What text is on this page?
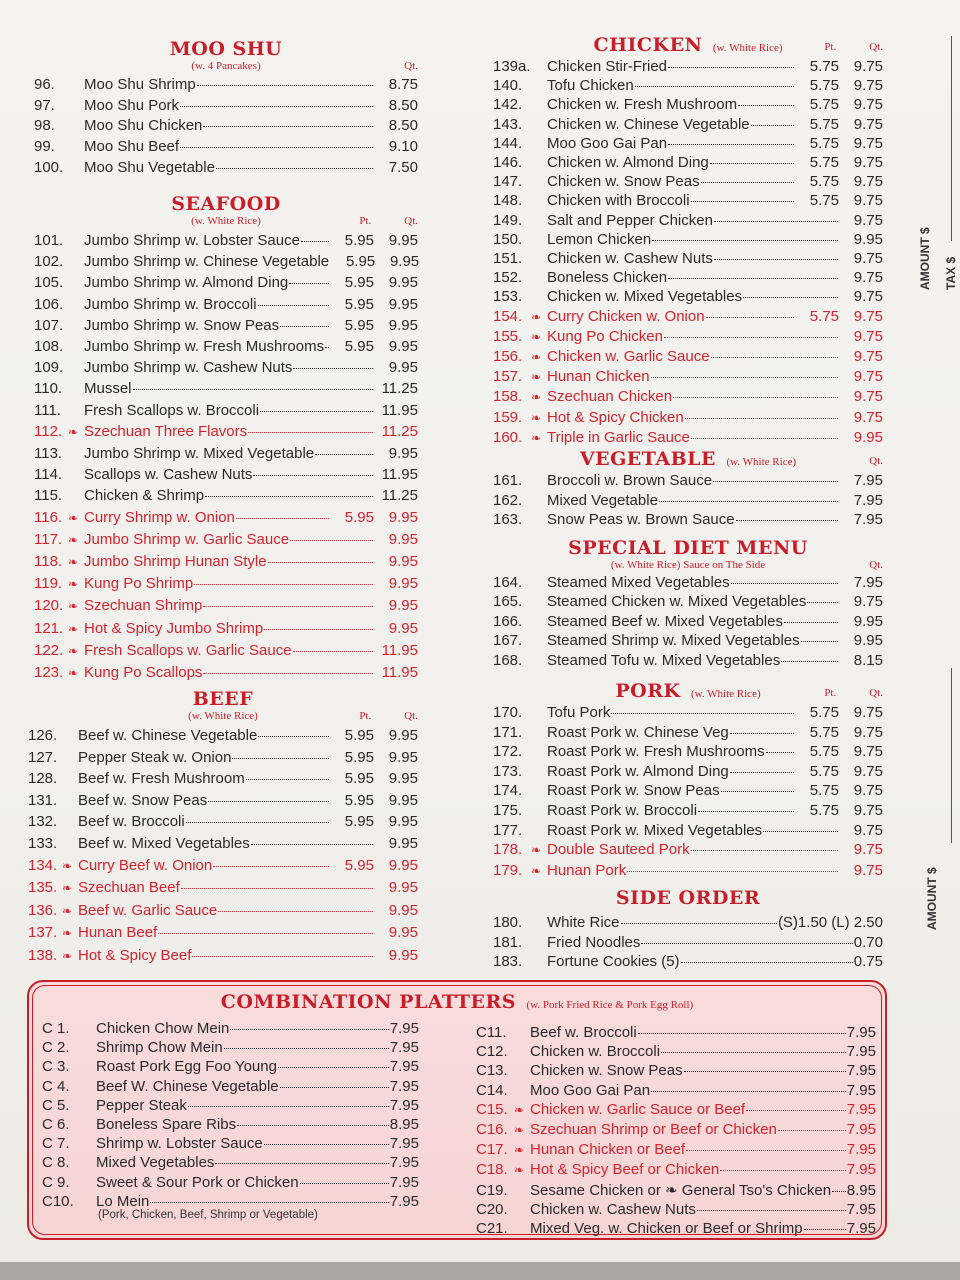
MOO SHU
(w. 4 Pancakes)	Qt.
96.	Moo Shu Shrimp	8.75
97.	Moo Shu Pork	8.50
98.	Moo Shu Chicken	8.50
99.	Moo Shu Beef	9.10
100.	Moo Shu Vegetable	7.50
SEAFOOD
(w. White Rice)	Pt.	Qt.
101.	Jumbo Shrimp w. Lobster Sauce	5.95 9.95
102.	Jumbo Shrimp w. Chinese Vegetable	5.95 9.95
105.	Jumbo Shrimp w. Almond Ding	5.95 9.95
106.	Jumbo Shrimp w. Broccoli	5.95 9.95
107.	Jumbo Shrimp w. Snow Peas	5.95 9.95
108.	Jumbo Shrimp w. Fresh Mushrooms	5.95 9.95
109.	Jumbo Shrimp w. Cashew Nuts	9.95
110.	Mussel	11.25
111.	Fresh Scallops w. Broccoli	11.95
112. ❧ Szechuan Three Flavors	11.25
113.	Jumbo Shrimp w. Mixed Vegetable	9.95
114.	Scallops w. Cashew Nuts	11.95
115.	Chicken & Shrimp	11.25
116. ❧ Curry Shrimp w. Onion	5.95 9.95
117. ❧ Jumbo Shrimp w. Garlic Sauce	9.95
118. ❧ Jumbo Shrimp Hunan Style	9.95
119. ❧ Kung Po Shrimp	9.95
120. ❧ Szechuan Shrimp	9.95
121. ❧ Hot & Spicy Jumbo Shrimp	9.95
122. ❧ Fresh Scallops w. Garlic Sauce	11.95
123. ❧ Kung Po Scallops	11.95
BEEF
(w. White Rice)	Pt.	Qt.
126.	Beef w. Chinese Vegetable	5.95 9.95
127.	Pepper Steak w. Onion	5.95 9.95
128.	Beef w. Fresh Mushroom	5.95 9.95
131.	Beef w. Snow Peas	5.95 9.95
132.	Beef w. Broccoli	5.95 9.95
133.	Beef w. Mixed Vegetables	9.95
134. ❧ Curry Beef w. Onion	5.95 9.95
135. ❧ Szechuan Beef	9.95
136. ❧ Beef w. Garlic Sauce	9.95
137. ❧ Hunan Beef	9.95
138. ❧ Hot & Spicy Beef	9.95
CHICKEN (w. White Rice)	Pt.	Qt.
139a.	Chicken Stir-Fried	5.75 9.75
140.	Tofu Chicken	5.75 9.75
142.	Chicken w. Fresh Mushroom	5.75 9.75
143.	Chicken w. Chinese Vegetable	5.75 9.75
144.	Moo Goo Gai Pan	5.75 9.75
146.	Chicken w. Almond Ding	5.75 9.75
147.	Chicken w. Snow Peas	5.75 9.75
148.	Chicken with Broccoli	5.75 9.75
149.	Salt and Pepper Chicken	9.75
150.	Lemon Chicken	9.95
151.	Chicken w. Cashew Nuts	9.75
152.	Boneless Chicken	9.75
153.	Chicken w. Mixed Vegetables	9.75
154. ❧ Curry Chicken w. Onion	5.75 9.75
155. ❧ Kung Po Chicken	9.75
156. ❧ Chicken w. Garlic Sauce	9.75
157. ❧ Hunan Chicken	9.75
158. ❧ Szechuan Chicken	9.75
159. ❧ Hot & Spicy Chicken	9.75
160. ❧ Triple in Garlic Sauce	9.95
VEGETABLE (w. White Rice)	Qt.
161.	Broccoli w. Brown Sauce	7.95
162.	Mixed Vegetable	7.95
163.	Snow Peas w. Brown Sauce	7.95
SPECIAL DIET MENU
(w. White Rice) Sauce on The Side	Qt.
164.	Steamed Mixed Vegetables	7.95
165.	Steamed Chicken w. Mixed Vegetables	9.75
166.	Steamed Beef w. Mixed Vegetables	9.95
167.	Steamed Shrimp w. Mixed Vegetables	9.95
168.	Steamed Tofu w. Mixed Vegetables	8.15
PORK (w. White Rice)	Pt.	Qt.
170.	Tofu Pork	5.75 9.75
171.	Roast Pork w. Chinese Veg	5.75 9.75
172.	Roast Pork w. Fresh Mushrooms	5.75 9.75
173.	Roast Pork w. Almond Ding	5.75 9.75
174.	Roast Pork w. Snow Peas	5.75 9.75
175.	Roast Pork w. Broccoli	5.75 9.75
177.	Roast Pork w. Mixed Vegetables	9.75
178. ❧ Double Sauteed Pork	9.75
179. ❧ Hunan Pork	9.75
SIDE ORDER
180.	White Rice	(S)1.50 (L) 2.50
181.	Fried Noodles	0.70
183.	Fortune Cookies (5)	0.75
COMBINATION PLATTERS (w. Pork Fried Rice & Pork Egg Roll)
C 1.	Chicken Chow Mein	7.95
C 2.	Shrimp Chow Mein	7.95
C 3.	Roast Pork Egg Foo Young	7.95
C 4.	Beef W. Chinese Vegetable	7.95
C 5.	Pepper Steak	7.95
C 6.	Boneless Spare Ribs	8.95
C 7.	Shrimp w. Lobster Sauce	7.95
C 8.	Mixed Vegetables	7.95
C 9.	Sweet & Sour Pork or Chicken	7.95
C10.	Lo Mein	7.95
(Pork, Chicken, Beef, Shrimp or Vegetable)
C11.	Beef w. Broccoli	7.95
C12.	Chicken w. Broccoli	7.95
C13.	Chicken w. Snow Peas	7.95
C14.	Moo Goo Gai Pan	7.95
C15. ❧ Chicken w. Garlic Sauce or Beef	7.95
C16. ❧ Szechuan Shrimp or Beef or Chicken	7.95
C17. ❧ Hunan Chicken or Beef	7.95
C18. ❧ Hot & Spicy Beef or Chicken	7.95
C19.	Sesame Chicken or ❧ General Tso's Chicken 8.95
C20.	Chicken w. Cashew Nuts	7.95
C21.	Mixed Veg. w. Chicken or Beef or Shrimp	7.95
AMOUNT $ TAX $
AMOUNT $
